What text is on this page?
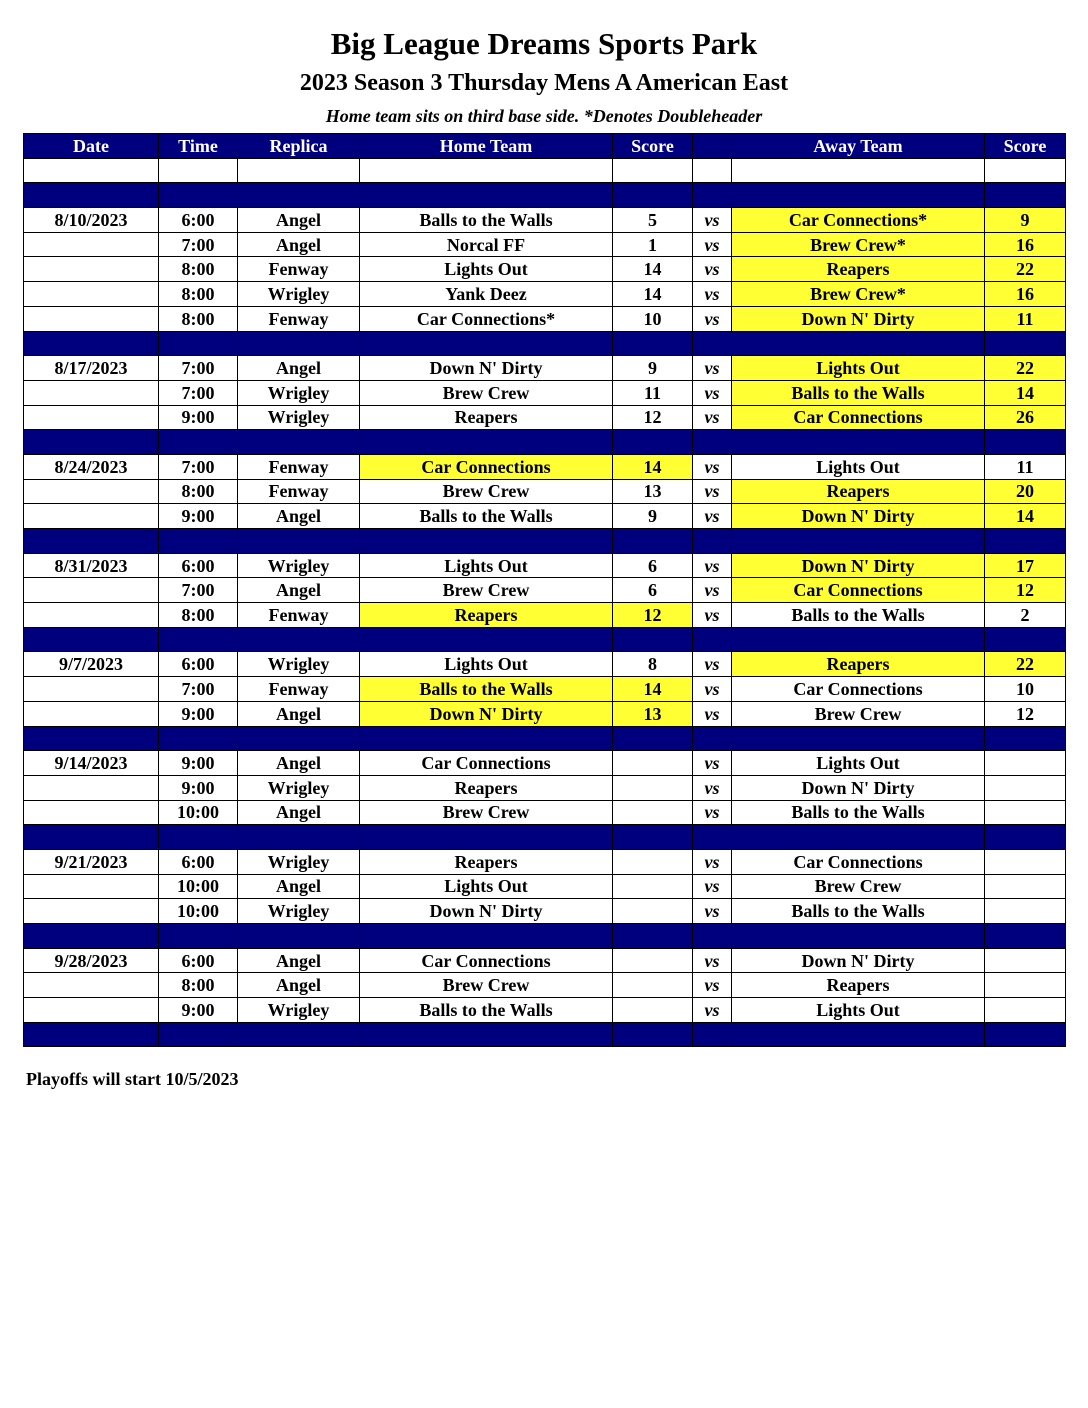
Big League Dreams Sports Park
2023 Season 3 Thursday Mens A American East
Home team sits on third base side. *Denotes Doubleheader
Date	Time	Replica	Home Team	Score		Away Team	Score

8/10/2023	6:00	Angel	Balls to the Walls	5	vs	Car Connections*	9
	7:00	Angel	Norcal FF	1	vs	Brew Crew*	16
	8:00	Fenway	Lights Out	14	vs	Reapers	22
	8:00	Wrigley	Yank Deez	14	vs	Brew Crew*	16
	8:00	Fenway	Car Connections*	10	vs	Down N' Dirty	11

8/17/2023	7:00	Angel	Down N' Dirty	9	vs	Lights Out	22
	7:00	Wrigley	Brew Crew	11	vs	Balls to the Walls	14
	9:00	Wrigley	Reapers	12	vs	Car Connections	26

8/24/2023	7:00	Fenway	Car Connections	14	vs	Lights Out	11
	8:00	Fenway	Brew Crew	13	vs	Reapers	20
	9:00	Angel	Balls to the Walls	9	vs	Down N' Dirty	14

8/31/2023	6:00	Wrigley	Lights Out	6	vs	Down N' Dirty	17
	7:00	Angel	Brew Crew	6	vs	Car Connections	12
	8:00	Fenway	Reapers	12	vs	Balls to the Walls	2

9/7/2023	6:00	Wrigley	Lights Out	8	vs	Reapers	22
	7:00	Fenway	Balls to the Walls	14	vs	Car Connections	10
	9:00	Angel	Down N' Dirty	13	vs	Brew Crew	12

9/14/2023	9:00	Angel	Car Connections		vs	Lights Out	
	9:00	Wrigley	Reapers		vs	Down N' Dirty	
	10:00	Angel	Brew Crew		vs	Balls to the Walls	

9/21/2023	6:00	Wrigley	Reapers		vs	Car Connections	
	10:00	Angel	Lights Out		vs	Brew Crew	
	10:00	Wrigley	Down N' Dirty		vs	Balls to the Walls	

9/28/2023	6:00	Angel	Car Connections		vs	Down N' Dirty	
	8:00	Angel	Brew Crew		vs	Reapers	
	9:00	Wrigley	Balls to the Walls		vs	Lights Out	

Playoffs will start 10/5/2023
